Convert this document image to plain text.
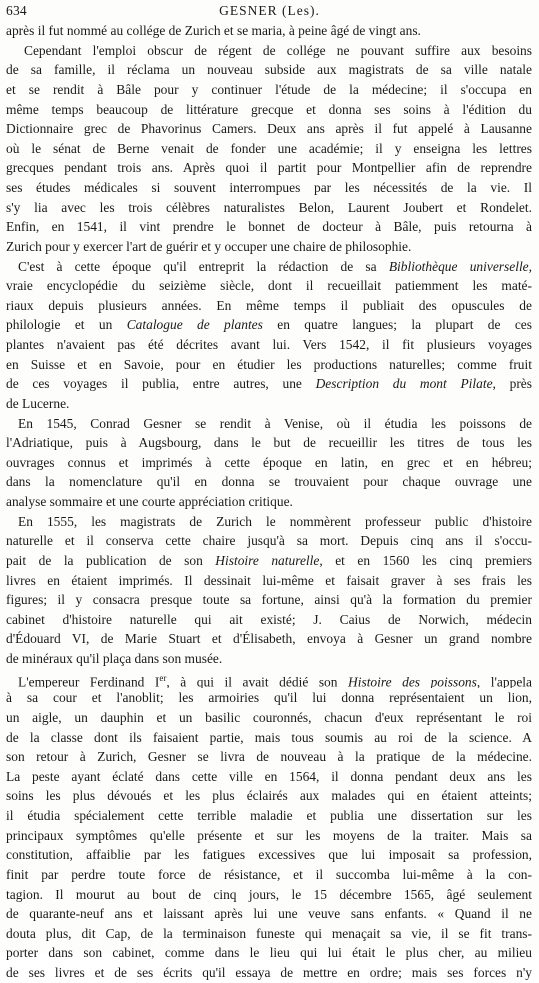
634	GESNER (Les).
après il fut nommé au collége de Zurich et se maria, à peine âgé de vingt ans.
Cependant l'emploi obscur de régent de collége ne pouvant suffire aux besoins
de sa famille, il réclama un nouveau subside aux magistrats de sa ville natale
et se rendit à Bâle pour y continuer l'étude de la médecine; il s'occupa en
même temps beaucoup de littérature grecque et donna ses soins à l'édition du
Dictionnaire grec de Phavorinus Camers. Deux ans après il fut appelé à Lausanne
où le sénat de Berne venait de fonder une académie; il y enseigna les lettres
grecques pendant trois ans. Après quoi il partit pour Montpellier afin de reprendre
ses études médicales si souvent interrompues par les nécessités de la vie. Il
s'y lia avec les trois célèbres naturalistes Belon, Laurent Joubert et Rondelet.
Enfin, en 1541, il vint prendre le bonnet de docteur à Bâle, puis retourna à
Zurich pour y exercer l'art de guérir et y occuper une chaire de philosophie.
C'est à cette époque qu'il entreprit la rédaction de sa Bibliothèque universelle,
vraie encyclopédie du seizième siècle, dont il recueillait patiemment les maté-
riaux depuis plusieurs années. En même temps il publiait des opuscules de
philologie et un Catalogue de plantes en quatre langues; la plupart de ces
plantes n'avaient pas été décrites avant lui. Vers 1542, il fit plusieurs voyages
en Suisse et en Savoie, pour en étudier les productions naturelles; comme fruit
de ces voyages il publia, entre autres, une Description du mont Pilate, près
de Lucerne.
En 1545, Conrad Gesner se rendit à Venise, où il étudia les poissons de
l'Adriatique, puis à Augsbourg, dans le but de recueillir les titres de tous les
ouvrages connus et imprimés à cette époque en latin, en grec et en hébreu;
dans la nomenclature qu'il en donna se trouvaient pour chaque ouvrage une
analyse sommaire et une courte appréciation critique.
En 1555, les magistrats de Zurich le nommèrent professeur public d'histoire
naturelle et il conserva cette chaire jusqu'à sa mort. Depuis cinq ans il s'occu-
pait de la publication de son Histoire naturelle, et en 1560 les cinq premiers
livres en étaient imprimés. Il dessinait lui-même et faisait graver à ses frais les
figures; il y consacra presque toute sa fortune, ainsi qu'à la formation du premier
cabinet d'histoire naturelle qui ait existé; J. Caius de Norwich, médecin
d'Édouard VI, de Marie Stuart et d'Élisabeth, envoya à Gesner un grand nombre
de minéraux qu'il plaça dans son musée.
L'empereur Ferdinand Ier, à qui il avait dédié son Histoire des poissons, l'appela
à sa cour et l'anoblit; les armoiries qu'il lui donna représentaient un lion,
un aigle, un dauphin et un basilic couronnés, chacun d'eux représentant le roi
de la classe dont ils faisaient partie, mais tous soumis au roi de la science. A
son retour à Zurich, Gesner se livra de nouveau à la pratique de la médecine.
La peste ayant éclaté dans cette ville en 1564, il donna pendant deux ans les
soins les plus dévoués et les plus éclairés aux malades qui en étaient atteints;
il étudia spécialement cette terrible maladie et publia une dissertation sur les
principaux symptômes qu'elle présente et sur les moyens de la traiter. Mais sa
constitution, affaiblie par les fatigues excessives que lui imposait sa profession,
finit par perdre toute force de résistance, et il succomba lui-même à la con-
tagion. Il mourut au bout de cinq jours, le 15 décembre 1565, âgé seulement
de quarante-neuf ans et laissant après lui une veuve sans enfants. « Quand il ne
douta plus, dit Cap, de la terminaison funeste qui menaçait sa vie, il se fit trans-
porter dans son cabinet, comme dans le lieu qui lui était le plus cher, au milieu
de ses livres et de ses écrits qu'il essaya de mettre en ordre; mais ses forces n'y
